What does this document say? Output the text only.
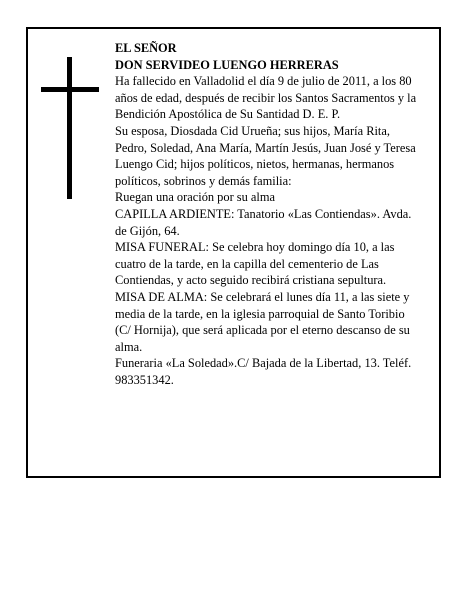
EL SEÑOR

DON SERVIDEO LUENGO HERRERAS

Ha fallecido en Valladolid el día 9 de julio de 2011, a los 80 años de edad, después de recibir los Santos Sacramentos y la Bendición Apostólica de Su Santidad D. E. P.

Su esposa, Diosdada Cid Urueña; sus hijos, María Rita, Pedro, Soledad, Ana María, Martín Jesús, Juan José y Teresa Luengo Cid; hijos políticos, nietos, hermanas, hermanos políticos, sobrinos y demás familia:

Ruegan una oración por su alma

CAPILLA ARDIENTE: Tanatorio «Las Contiendas». Avda. de Gijón, 64.

MISA FUNERAL: Se celebra hoy domingo día 10, a las cuatro de la tarde, en la capilla del cementerio de Las Contiendas, y acto seguido recibirá cristiana sepultura.

MISA DE ALMA: Se celebrará el lunes día 11, a las siete y media de la tarde, en la iglesia parroquial de Santo Toribio (C/ Hornija), que será aplicada por el eterno descanso de su alma.

Funeraria «La Soledad».C/ Bajada de la Libertad, 13. Teléf. 983351342.
